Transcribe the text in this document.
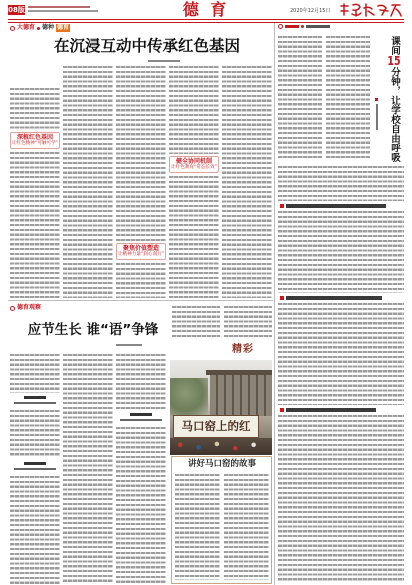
08版	德 育	2020年12月15日
大德育 德种 德育
在沉浸互动中传承红色基因
深植红色基因
让红色精神“可触可学”
聚焦价值塑造
让精神力量“润心润行”
健全协同机制
让红色教育“常态长效”
课间15分钟，让学校自由呼吸
德育观察
应节生长 谁“语”争锋
精彩
马口窑上的红
讲好马口窑的故事
